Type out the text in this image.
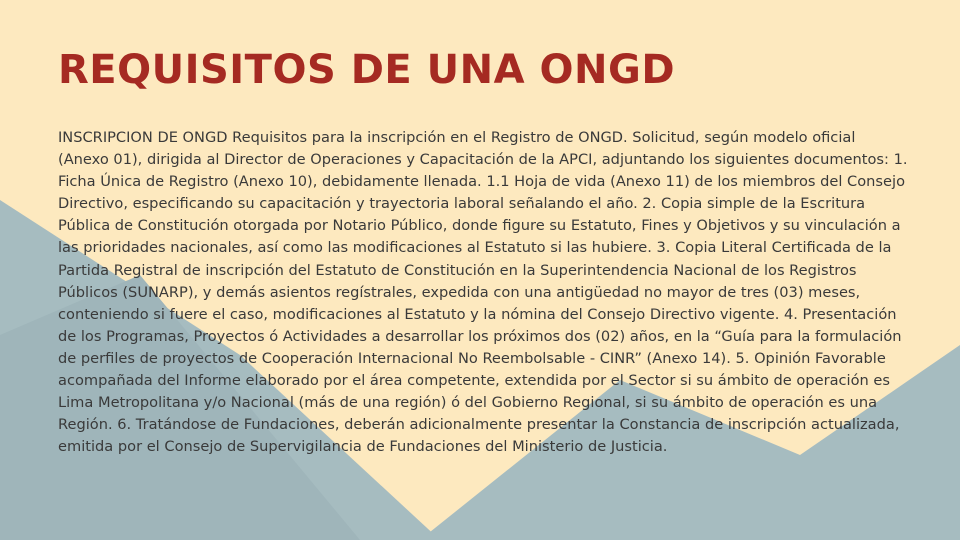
REQUISITOS DE UNA ONGD

INSCRIPCION DE ONGD Requisitos para la inscripción en el Registro de ONGD. Solicitud, según modelo oficial (Anexo 01), dirigida al Director de Operaciones y Capacitación de la APCI, adjuntando los siguientes documentos: 1. Ficha Única de Registro (Anexo 10), debidamente llenada. 1.1 Hoja de vida (Anexo 11) de los miembros del Consejo Directivo, especificando su capacitación y trayectoria laboral señalando el año. 2. Copia simple de la Escritura Pública de Constitución otorgada por Notario Público, donde figure su Estatuto, Fines y Objetivos y su vinculación a las prioridades nacionales, así como las modificaciones al Estatuto si las hubiere. 3. Copia Literal Certificada de la Partida Registral de inscripción del Estatuto de Constitución en la Superintendencia Nacional de los Registros Públicos (SUNARP), y demás asientos regístrales, expedida con una antigüedad no mayor de tres (03) meses, conteniendo si fuere el caso, modificaciones al Estatuto y la nómina del Consejo Directivo vigente. 4. Presentación de los Programas, Proyectos ó Actividades a desarrollar los próximos dos (02) años, en la “Guía para la formulación de perfiles de proyectos de Cooperación Internacional No Reembolsable - CINR” (Anexo 14). 5. Opinión Favorable acompañada del Informe elaborado por el área competente, extendida por el Sector si su ámbito de operación es Lima Metropolitana y/o Nacional (más de una región) ó del Gobierno Regional, si su ámbito de operación es una Región. 6. Tratándose de Fundaciones, deberán adicionalmente presentar la Constancia de inscripción actualizada, emitida por el Consejo de Supervigilancia de Fundaciones del Ministerio de Justicia.
